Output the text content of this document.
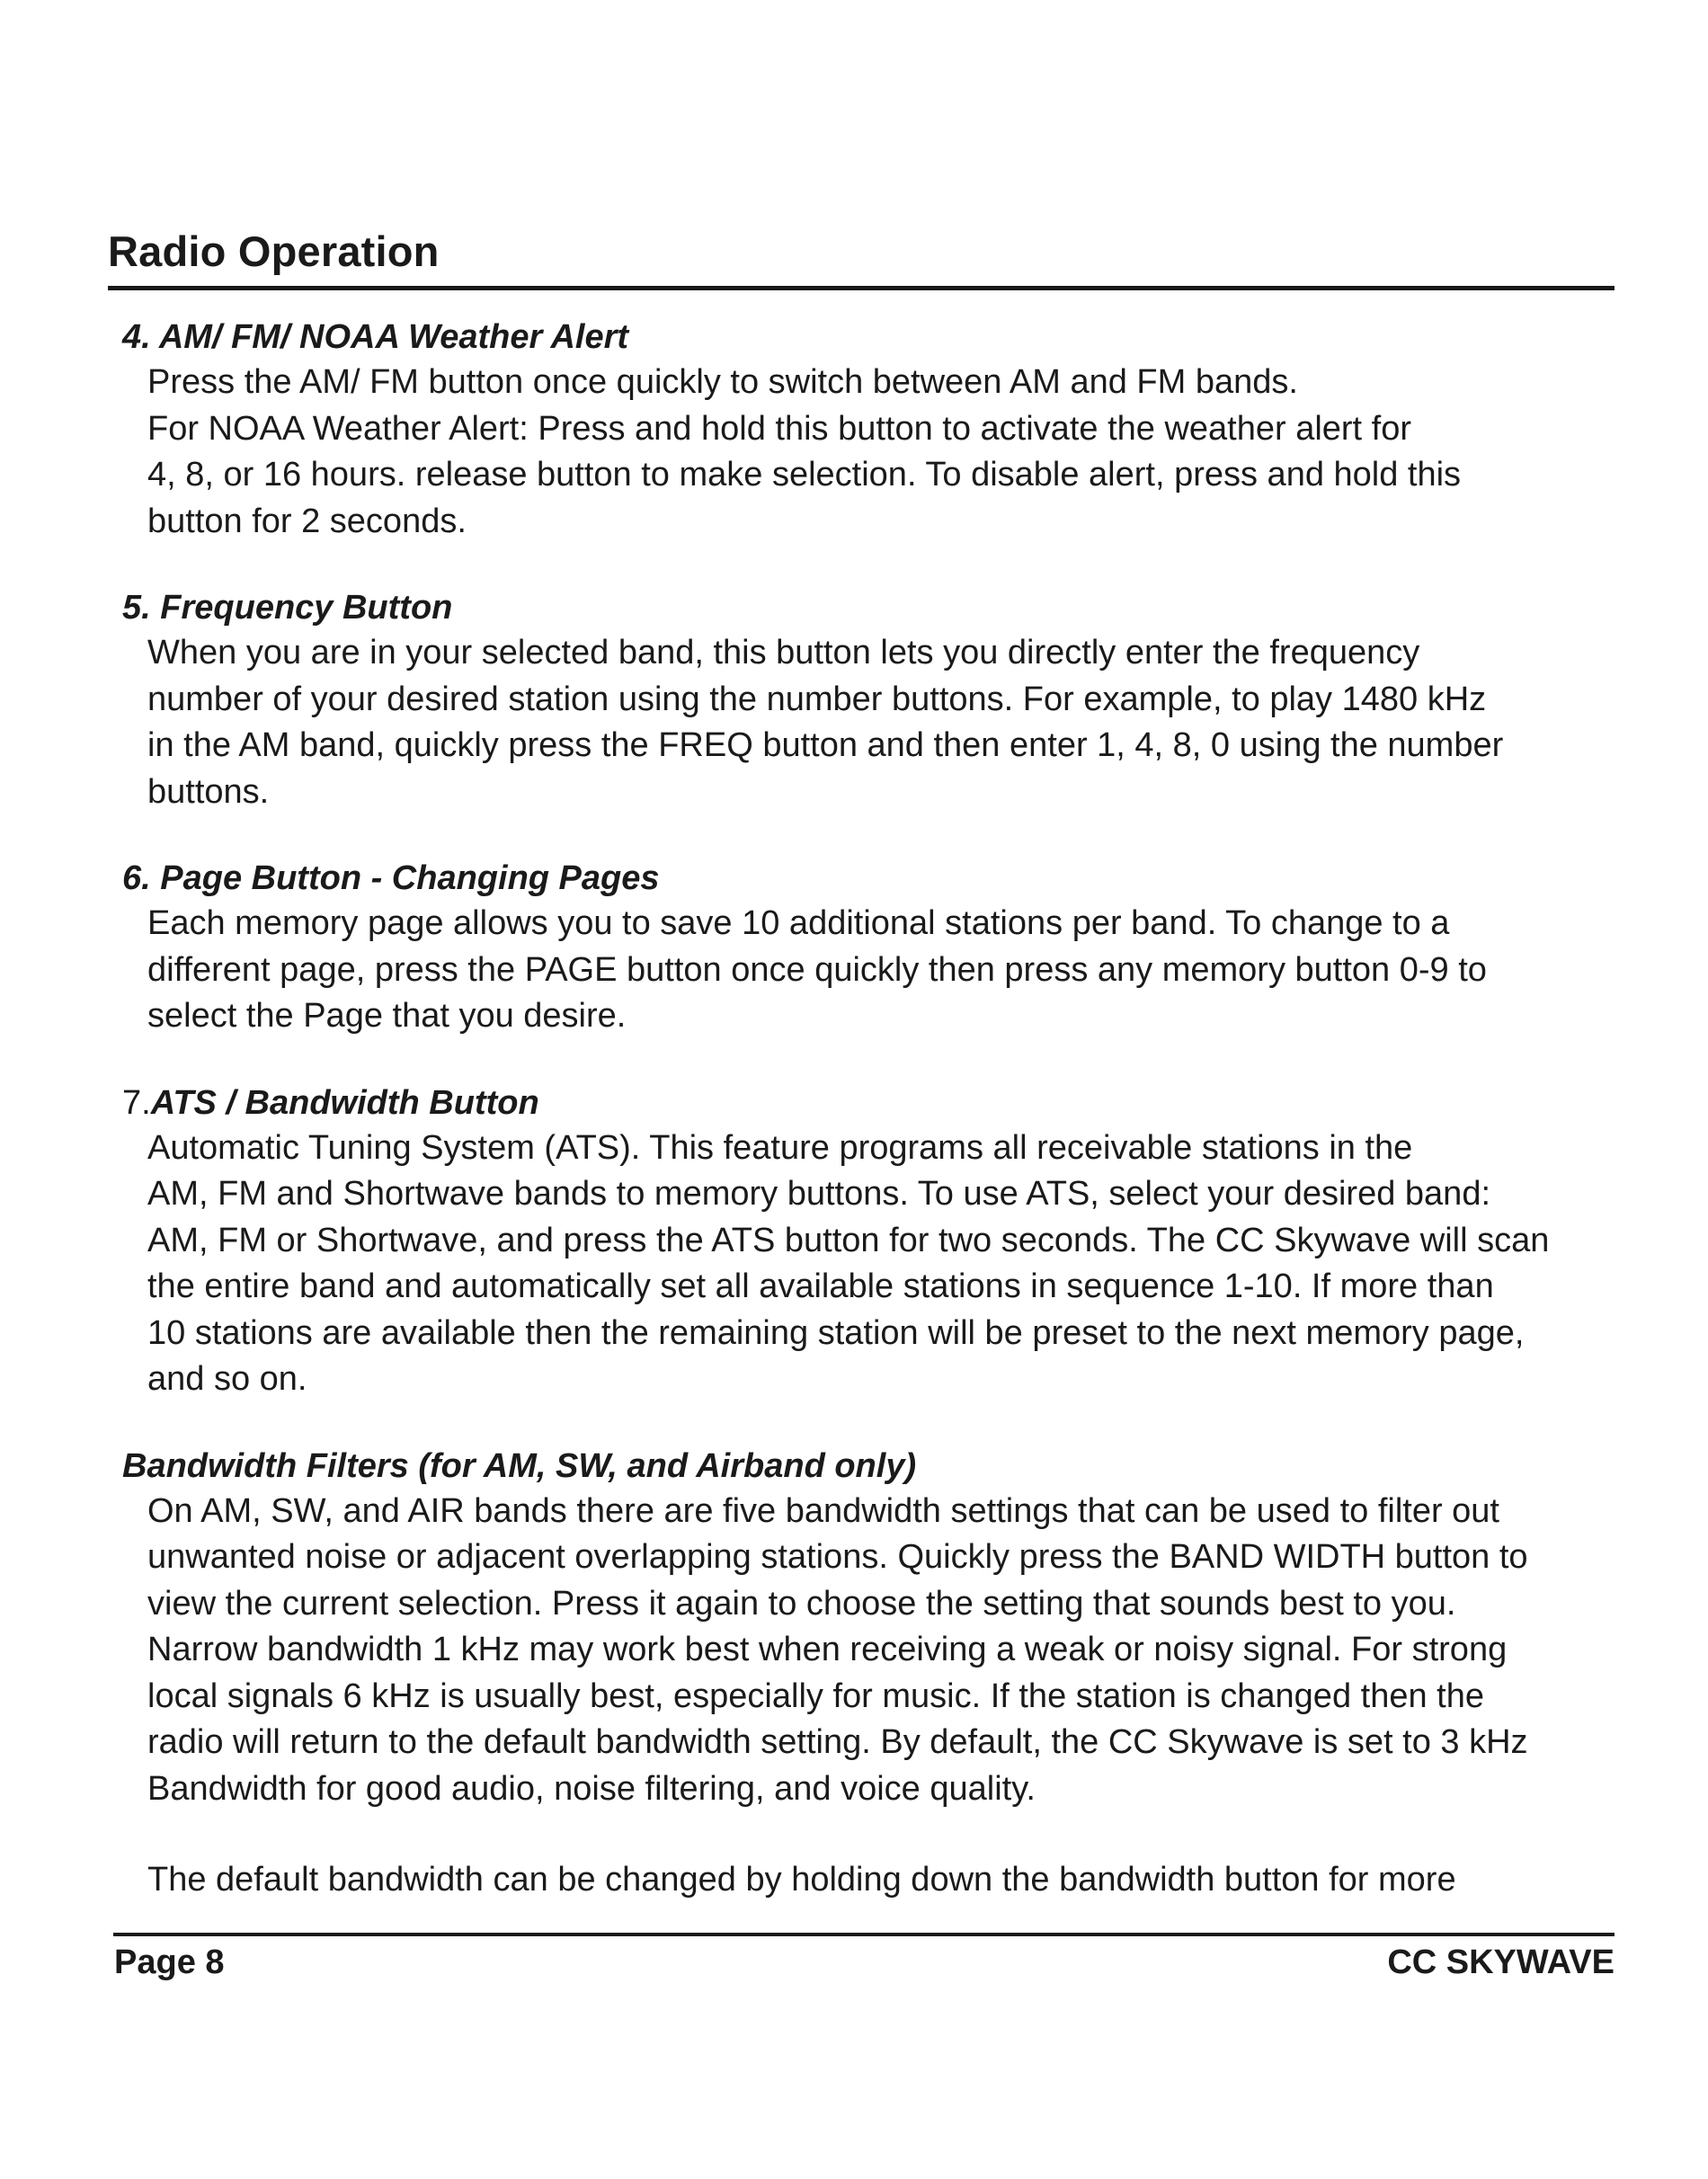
Radio Operation

4. AM/ FM/ NOAA Weather Alert

Press the AM/ FM button once quickly to switch between AM and FM bands.
For NOAA Weather Alert: Press and hold this button to activate the weather alert for
4, 8, or 16 hours. release button to make selection. To disable alert, press and hold this
button for 2 seconds.

5. Frequency Button

When you are in your selected band, this button lets you directly enter the frequency
number of your desired station using the number buttons. For example, to play 1480 kHz
in the AM band, quickly press the FREQ button and then enter 1, 4, 8, 0 using the number
buttons.

6. Page Button - Changing Pages

Each memory page allows you to save 10 additional stations per band. To change to a
different page, press the PAGE button once quickly then press any memory button 0-9 to
select the Page that you desire.

7.ATS / Bandwidth Button

Automatic Tuning System (ATS). This feature programs all receivable stations in the
AM, FM and Shortwave bands to memory buttons. To use ATS, select your desired band:
AM, FM or Shortwave, and press the ATS button for two seconds. The CC Skywave will scan
the entire band and automatically set all available stations in sequence 1-10. If more than
10 stations are available then the remaining station will be preset to the next memory page,
and so on.

Bandwidth Filters (for AM, SW, and Airband only)

On AM, SW, and AIR bands there are five bandwidth settings that can be used to filter out
unwanted noise or adjacent overlapping stations. Quickly press the BAND WIDTH button to
view the current selection. Press it again to choose the setting that sounds best to you.
Narrow bandwidth 1 kHz may work best when receiving a weak or noisy signal. For strong
local signals 6 kHz is usually best, especially for music. If the station is changed then the
radio will return to the default bandwidth setting. By default, the CC Skywave is set to 3 kHz
Bandwidth for good audio, noise filtering, and voice quality.

The default bandwidth can be changed by holding down the bandwidth button for more

Page 8	CC SKYWAVE
